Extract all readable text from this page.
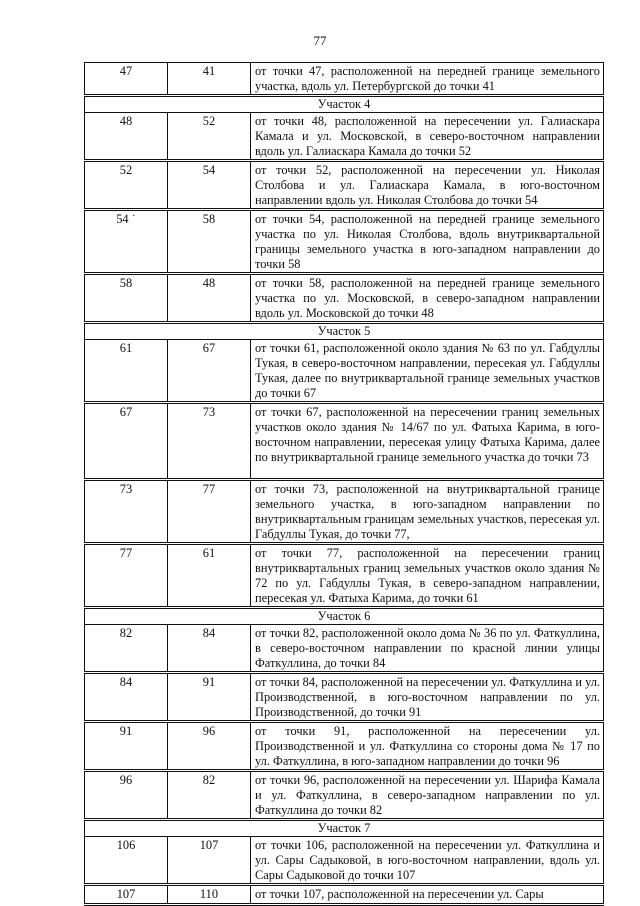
77
47	41	от точки 47, расположенной на передней границе земельного участка, вдоль ул. Петербургской до точки 41
Участок 4		
48	52	от точки 48, расположенной на пересечении ул. Галиаскара Камала и ул. Московской, в северо-восточном направлении вдоль ул. Галиаскара Камала до точки 52
52	54	от точки 52, расположенной на пересечении ул. Николая Столбова и ул. Галиаскара Камала, в юго-восточном направлении вдоль ул. Николая Столбова до точки 54
54 ˙	58	от точки 54, расположенной на передней границе земельного участка по ул. Николая Столбова, вдоль внутриквартальной границы земельного участка в юго-западном направлении до точки 58
58	48	от точки 58, расположенной на передней границе земельного участка по ул. Московской, в северо-западном направлении вдоль ул. Московской до точки 48
Участок 5		
61	67	от точки 61, расположенной около здания № 63 по ул. Габдуллы Тукая, в северо-восточном направлении, пересекая ул. Габдуллы Тукая, далее по внутриквартальной границе земельных участков до точки 67
67	73	от точки 67, расположенной на пересечении границ земельных участков около здания № 14/67 по ул. Фатыха Карима, в юго-восточном направлении, пересекая улицу Фатыха Карима, далее по внутриквартальной границе земельного участка до точки 73
73	77	от точки 73, расположенной на внутриквартальной границе земельного участка, в юго-западном направлении по внутриквартальным границам земельных участков, пересекая ул. Габдуллы Тукая, до точки 77,
77	61	от точки 77, расположенной на пересечении границ внутриквартальных границ земельных участков около здания № 72 по ул. Габдуллы Тукая, в северо-западном направлении, пересекая ул. Фатыха Карима, до точки 61
Участок 6		
82	84	от точки 82, расположенной около дома № 36 по ул. Фаткуллина, в северо-восточном направлении по красной линии улицы Фаткуллина, до точки 84
84	91	от точки 84, расположенной на пересечении ул. Фаткуллина и ул. Производственной, в юго-восточном направлении по ул. Производственной, до точки 91
91	96	от точки 91, расположенной на пересечении ул. Производственной и ул. Фаткуллина со стороны дома № 17 по ул. Фаткуллина, в юго-западном направлении до точки 96
96	82	от точки 96, расположенной на пересечении ул. Шарифа Камала и ул. Фаткуллина, в северо-западном направлении по ул. Фаткуллина до точки 82
Участок 7		
106	107	от точки 106, расположенной на пересечении ул. Фаткуллина и ул. Сары Садыковой, в юго-восточном направлении, вдоль ул. Сары Садыковой до точки 107
107	110	от точки 107, расположенной на пересечении ул. Сары
